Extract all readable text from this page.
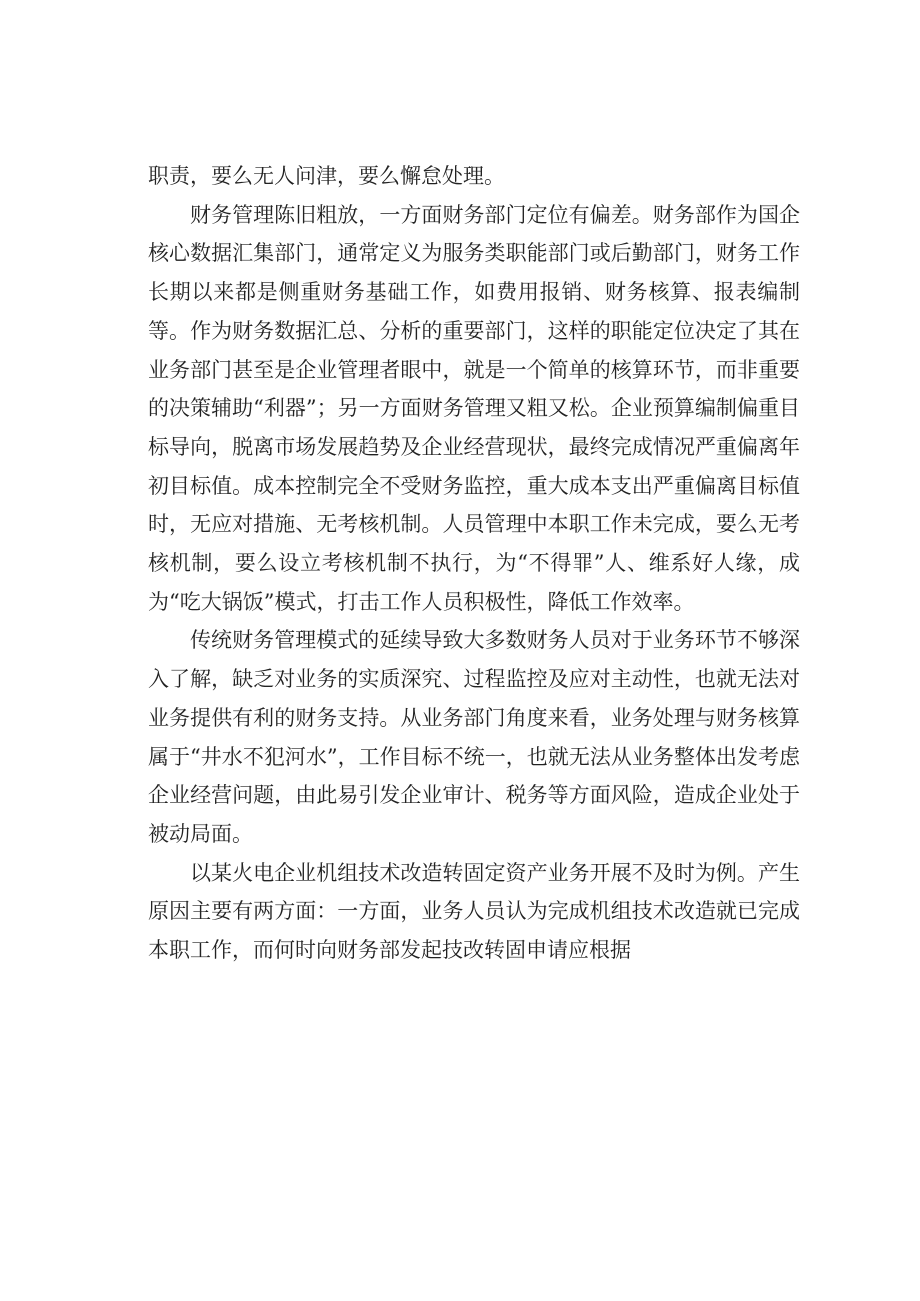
职责，要么无人问津，要么懈怠处理。

财务管理陈旧粗放，一方面财务部门定位有偏差。财务部作为国企核心数据汇集部门，通常定义为服务类职能部门或后勤部门，财务工作长期以来都是侧重财务基础工作，如费用报销、财务核算、报表编制等。作为财务数据汇总、分析的重要部门，这样的职能定位决定了其在业务部门甚至是企业管理者眼中，就是一个简单的核算环节，而非重要的决策辅助“利器”；另一方面财务管理又粗又松。企业预算编制偏重目标导向，脱离市场发展趋势及企业经营现状，最终完成情况严重偏离年初目标值。成本控制完全不受财务监控，重大成本支出严重偏离目标值时，无应对措施、无考核机制。人员管理中本职工作未完成，要么无考核机制，要么设立考核机制不执行，为“不得罪”人、维系好人缘，成为“吃大锅饭”模式，打击工作人员积极性，降低工作效率。

传统财务管理模式的延续导致大多数财务人员对于业务环节不够深入了解，缺乏对业务的实质深究、过程监控及应对主动性，也就无法对业务提供有利的财务支持。从业务部门角度来看，业务处理与财务核算属于“井水不犯河水”，工作目标不统一，也就无法从业务整体出发考虑企业经营问题，由此易引发企业审计、税务等方面风险，造成企业处于被动局面。

以某火电企业机组技术改造转固定资产业务开展不及时为例。产生原因主要有两方面：一方面，业务人员认为完成机组技术改造就已完成本职工作，而何时向财务部发起技改转固申请应根据
